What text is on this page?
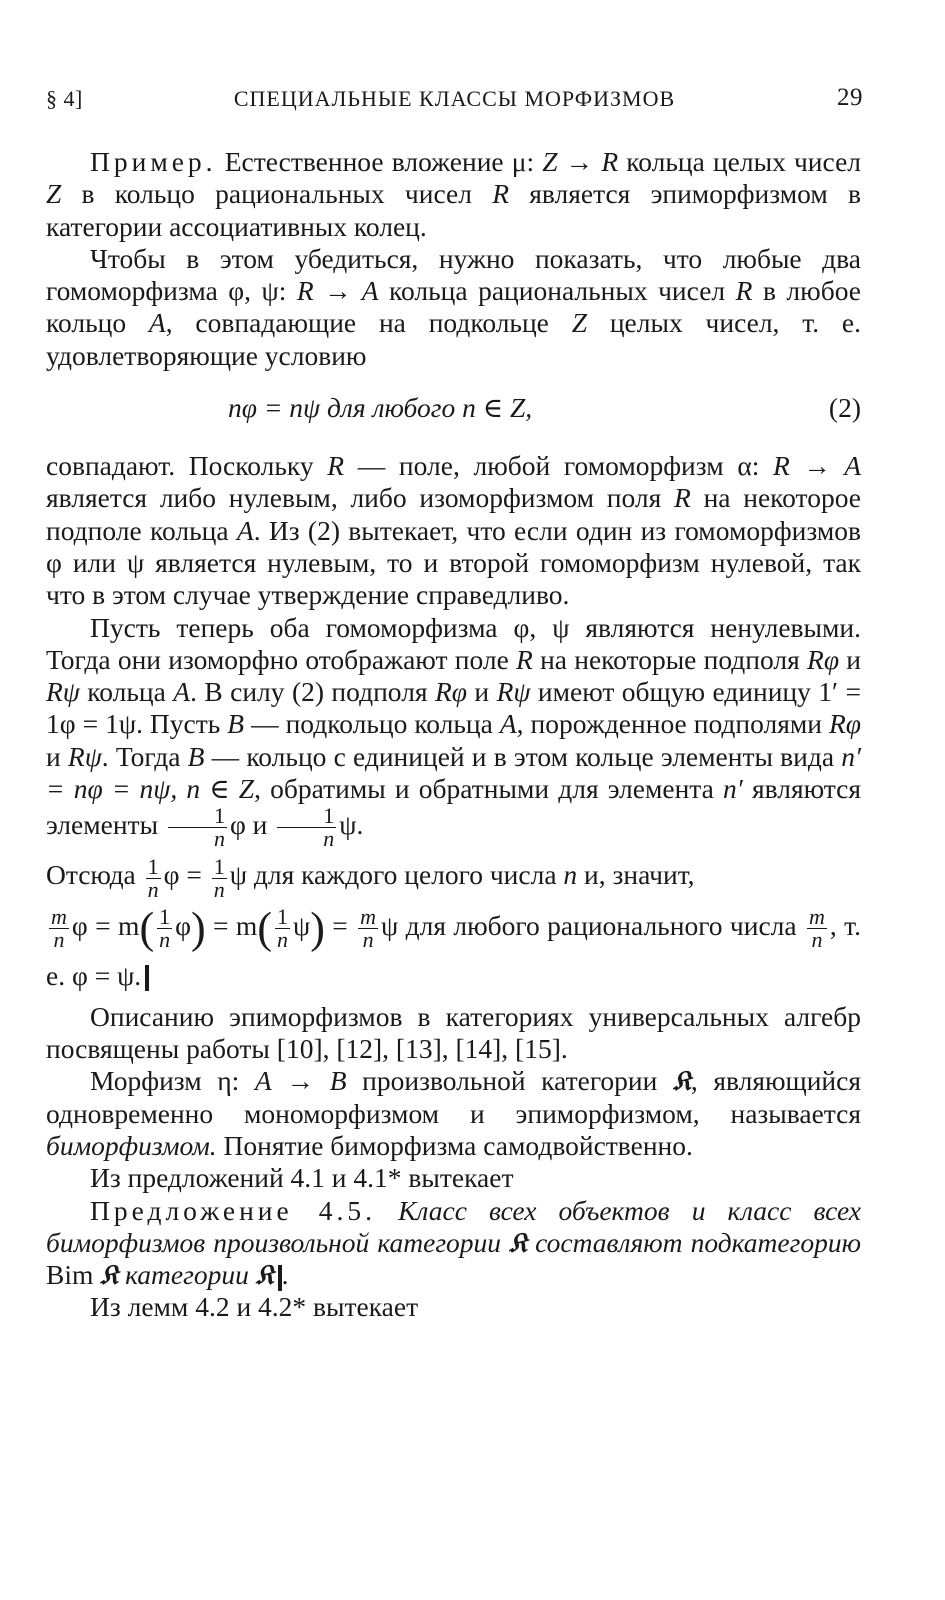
§ 4]	СПЕЦИАЛЬНЫЕ КЛАССЫ МОРФИЗМОВ	29

Пример. Естественное вложение μ: Z → R кольца целых чисел Z в кольцо рациональных чисел R является эпиморфизмом в категории ассоциативных колец.

Чтобы в этом убедиться, нужно показать, что любые два гомоморфизма φ, ψ: R → A кольца рациональных чисел R в любое кольцо A, совпадающие на подкольце Z целых чисел, т. е. удовлетворяющие условию

nφ = nψ для любого n ∈ Z,	(2)

совпадают. Поскольку R — поле, любой гомоморфизм α: R → A является либо нулевым, либо изоморфизмом поля R на некоторое подполе кольца A. Из (2) вытекает, что если один из гомоморфизмов φ или ψ является нулевым, то и второй гомоморфизм нулевой, так что в этом случае утверждение справедливо.

Пусть теперь оба гомоморфизма φ, ψ являются ненулевыми. Тогда они изоморфно отображают поле R на некоторые подполя Rφ и Rψ кольца A. В силу (2) подполя Rφ и Rψ имеют общую единицу 1′ = 1φ = 1ψ. Пусть B — подкольцо кольца A, порожденное подполями Rφ и Rψ. Тогда B — кольцо с единицей и в этом кольце элементы вида n′ = nφ = nψ, n ∈ Z, обратимы и обратными для элемента n′ являются элементы $\frac{1}{n}$ φ и $\frac{1}{n} \psi$.

Отсюда $\frac{1}{n}$ $\varphi = \frac{1}{n}$ ψ для каждого целого числа n и, значит,

$\frac{m}{n}$ $\varphi = m( \frac{1}{n} \varphi) = m( \frac{1}{n} \psi) = \frac{m}{n}$ ψ для любого рационального числа $\frac{m}{n}$ , т. е. φ = ψ.

Описанию эпиморфизмов в категориях универсальных алгебр посвящены работы [10], [12], [13], [14], [15].

Морфизм η: A → B произвольной категории 𝔎, являющийся одновременно мономорфизмом и эпиморфизмом, называется биморфизмом. Понятие биморфизма самодвойственно.

Из предложений 4.1 и 4.1* вытекает

Предложение 4.5. Класс всех объектов и класс всех биморфизмов произвольной категории 𝔎 составляют подкатегорию Bim 𝔎 категории 𝔎 .

Из лемм 4.2 и 4.2* вытекает
